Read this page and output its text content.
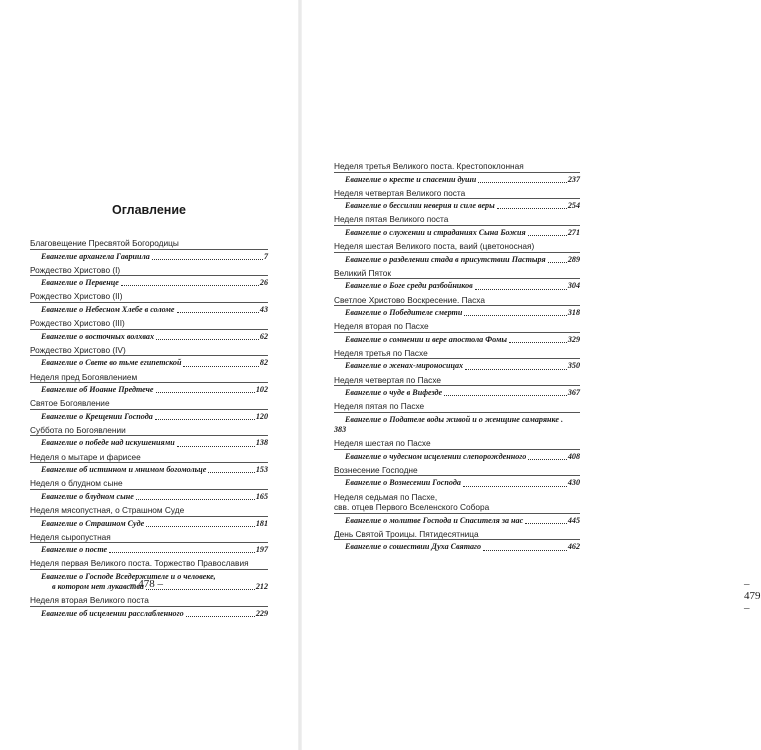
Оглавление
Благовещение Пресвятой Богородицы
Евангелие архангела Гавриила	7
Рождество Христово (I)
Евангелие о Первенце	26
Рождество Христово (II)
Евангелие о Небесном Хлебе в соломе	43
Рождество Христово (III)
Евангелие о восточных волхвах	62
Рождество Христово (IV)
Евангелие о Свете во тьме египетской	82
Неделя пред Богоявлением
Евангелие об Иоанне Предтече	102
Святое Богоявление
Евангелие о Крещении Господа	120
Суббота по Богоявлении
Евангелие о победе над искушениями	138
Неделя о мытаре и фарисее
Евангелие об истинном и мнимом богомольце	153
Неделя о блудном сыне
Евангелие о блудном сыне	165
Неделя мясопустная, о Страшном Суде
Евангелие о Страшном Суде	181
Неделя сыропустная
Евангелие о посте	197
Неделя первая Великого поста. Торжество Православия
Евангелие о Господе Вседержителе и о человеке,
в котором нет лукавства	212
Неделя вторая Великого поста
Евангелие об исцелении расслабленного	229
– 478 –
Неделя третья Великого поста. Крестопоклонная
Евангелие о кресте и спасении души	237
Неделя четвертая Великого поста
Евангелие о бессилии неверия и силе веры	254
Неделя пятая Великого поста
Евангелие о служении и страданиях Сына Божия	271
Неделя шестая Великого поста, ваий (цветоносная)
Евангелие о разделении стада в присутствии Пастыря	289
Великий Пяток
Евангелие о Боге среди разбойников	304
Светлое Христово Воскресение. Пасха
Евангелие о Победителе смерти	318
Неделя вторая по Пасхе
Евангелие о сомнении и вере апостола Фомы	329
Неделя третья по Пасхе
Евангелие о женах-мироносицах	350
Неделя четвертая по Пасхе
Евангелие о чуде в Вифезде	367
Неделя пятая по Пасхе
Евангелие о Подателе воды живой и о женщине самарянке .
383
Неделя шестая по Пасхе
Евангелие о чудесном исцелении слепорожденного	408
Вознесение Господне
Евангелие о Вознесении Господа	430
Неделя седьмая по Пасхе,
свв. отцев Первого Вселенского Собора
Евангелие о молитве Господа и Спасителя за нас	445
День Святой Троицы. Пятидесятница
Евангелие о сошествии Духа Святаго	462
– 479 –
